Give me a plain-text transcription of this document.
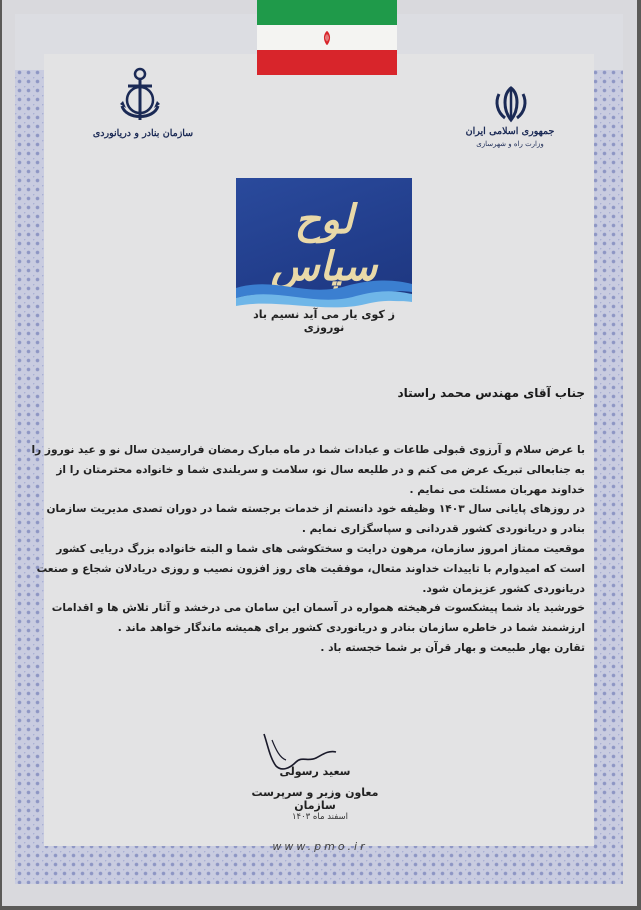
جمهوری اسلامی ایران
وزارت راه و شهرسازی
سازمان بنادر و دریانوردی
لوح سپاس
ز کوی یار می آید نسیم باد نوروزی
جناب آقای مهندس محمد راستاد

با عرض سلام و آرزوی قبولی طاعات و عبادات شما در ماه مبارک رمضان فرارسیدن سال نو و عید نوروز را

به جنابعالی تبریک عرض می کنم و در طلیعه سال نو، سلامت و سربلندی شما و خانواده محترمتان را از

خداوند مهربان مسئلت می نمایم .

در روزهای پایانی سال ۱۴۰۳ وظیفه خود دانستم از خدمات برجسته شما در دوران تصدی مدیریت سازمان

بنادر و دریانوردی کشور قدردانی و سپاسگزاری نمایم .

موقعیت ممتاز امروز سازمان، مرهون درایت و سختکوشی های شما و البته خانواده بزرگ دریایی کشور

است که امیدوارم با تاییدات خداوند متعال، موفقیت های روز افزون نصیب و روزی دریادلان شجاع و صنعت

دریانوردی کشور عزیزمان شود.

خورشید یاد شما پیشکسوت فرهیخته همواره در آسمان این سامان می درخشد و آثار تلاش ها و اقدامات

ارزشمند شما در خاطره سازمان بنادر و دریانوردی کشور برای همیشه ماندگار خواهد ماند .

تقارن بهار طبیعت و بهار قرآن بر شما خجسته باد .

سعید رسولی
معاون وزیر و سرپرست سازمان
اسفند ماه ۱۴۰۳
www.pmo.ir
